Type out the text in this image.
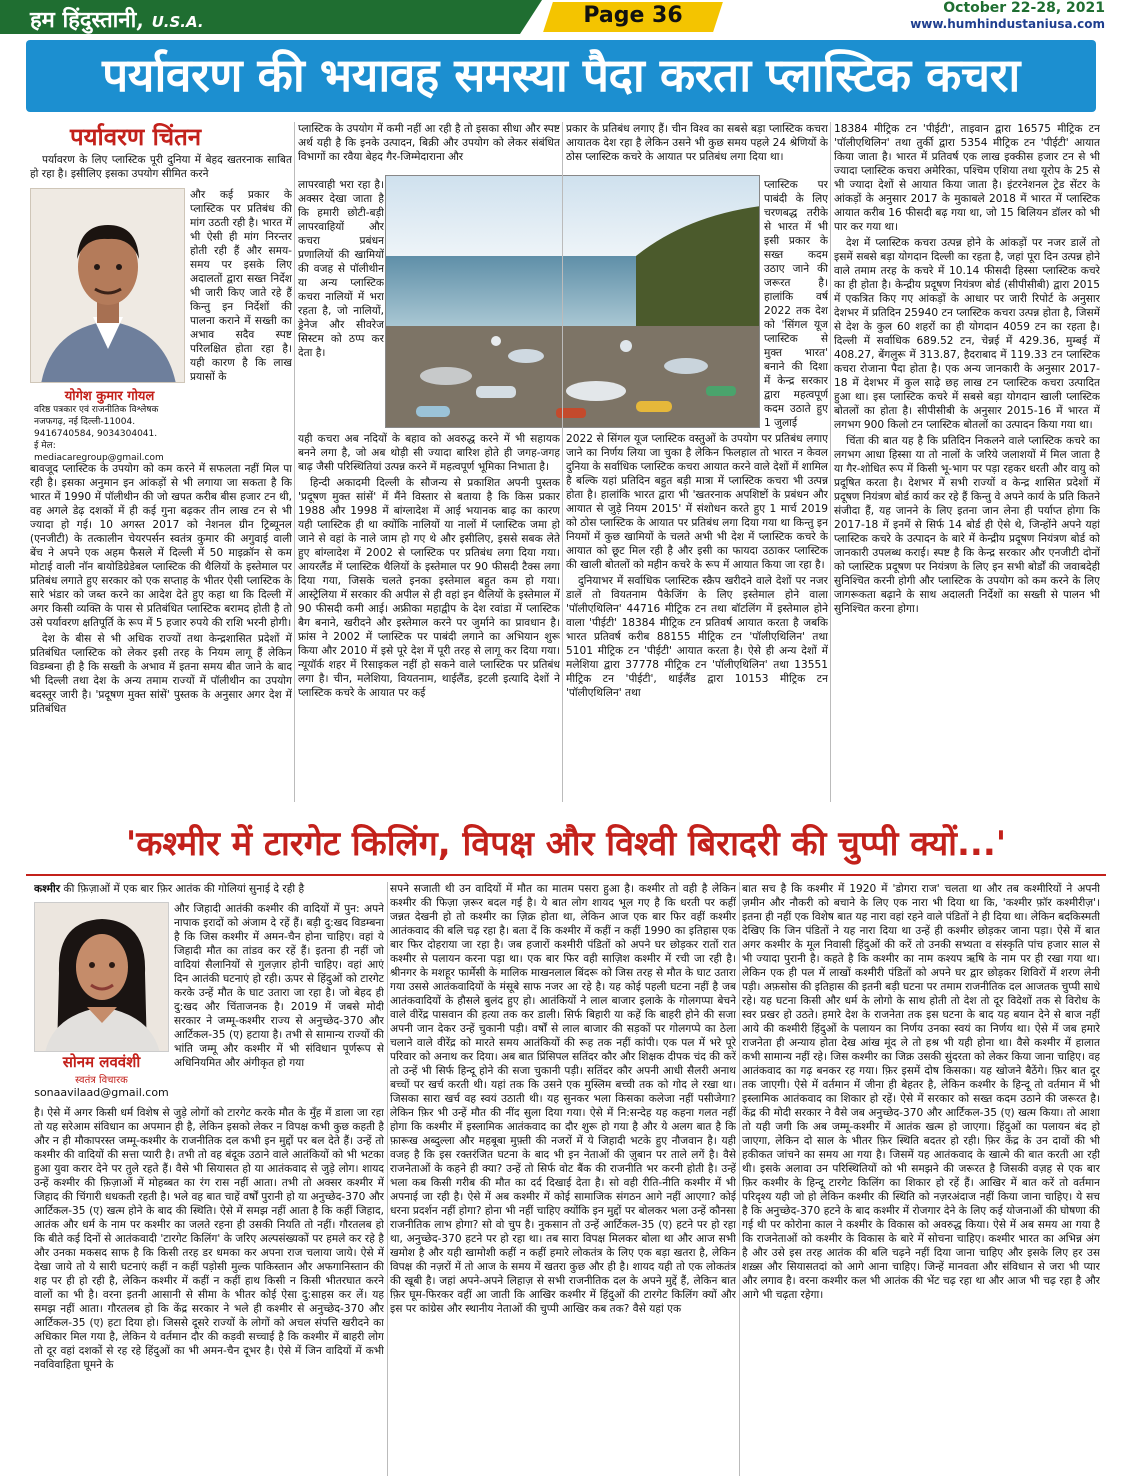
हम हिंदुस्तानी, U.S.A.	Page 36	October 22-28, 2021
www.humhindustaniusa.com
पर्यावरण की भयावह समस्या पैदा करता प्लास्टिक कचरा
पर्यावरण चिंतन

पर्यावरण के लिए प्लास्टिक पूरी दुनिया में बेहद खतरनाक साबित हो रहा है। इसीलिए इसका उपयोग सीमित करने

योगेश कुमार गोयल
वरिष्ठ पत्रकार एवं राजनीतिक विश्लेषक
नजफगढ़, नई दिल्ली-11004.
9416740584, 9034304041.
ई मेल: mediacaregroup@gmail.com

और कई प्रकार के प्लास्टिक पर प्रतिबंध की मांग उठती रही है। भारत में भी ऐसी ही मांग निरन्तर होती रही हैं और समय-समय पर इसके लिए अदालतों द्वारा सख्त निर्देश भी जारी किए जाते रहे हैं किन्तु इन निर्देशों की पालना कराने में सख्ती का अभाव सदैव स्पष्ट परिलक्षित होता रहा है। यही कारण है कि लाख प्रयासों के

बावजूद प्लास्टिक के उपयोग को कम करने में सफलता नहीं मिल पा रही है। इसका अनुमान इन आंकड़ों से भी लगाया जा सकता है कि भारत में 1990 में पॉलीथीन की जो खपत करीब बीस हजार टन थी, वह अगले डेढ़ दशकों में ही कई गुना बढ़कर तीन लाख टन से भी ज्यादा हो गई। 10 अगस्त 2017 को नेशनल ग्रीन ट्रिब्यूनल (एनजीटी) के तत्कालीन चेयरपर्सन स्वतंत्र कुमार की अगुवाई वाली बेंच ने अपने एक अहम फैसले में दिल्ली में 50 माइक्रॉन से कम मोटाई वाली नॉन बायोडिग्रेडेबल प्लास्टिक की थैलियों के इस्तेमाल पर प्रतिबंध लगाते हुए सरकार को एक सप्ताह के भीतर ऐसी प्लास्टिक के सारे भंडार को जब्त करने का आदेश देते हुए कहा था कि दिल्ली में अगर किसी व्यक्ति के पास से प्रतिबंधित प्लास्टिक बरामद होती है तो उसे पर्यावरण क्षतिपूर्ति के रूप में 5 हजार रुपये की राशि भरनी होगी।

देश के बीस से भी अधिक राज्यों तथा केन्द्रशासित प्रदेशों में प्रतिबंधित प्लास्टिक को लेकर इसी तरह के नियम लागू हैं लेकिन विडम्बना ही है कि सख्ती के अभाव में इतना समय बीत जाने के बाद भी दिल्ली तथा देश के अन्य तमाम राज्यों में पॉलीथीन का उपयोग बदस्तूर जारी है। 'प्रदूषण मुक्त सांसें' पुस्तक के अनुसार अगर देश में प्रतिबंधित

प्लास्टिक के उपयोग में कमी नहीं आ रही है तो इसका सीधा और स्पष्ट अर्थ यही है कि इनके उत्पादन, बिक्री और उपयोग को लेकर संबंधित विभागों का रवैया बेहद गैर-जिम्मेदाराना और

लापरवाही भरा रहा है। अक्सर देखा जाता है कि हमारी छोटी-बड़ी लापरवाहियों और कचरा प्रबंधन प्रणालियों की खामियों की वजह से पॉलीथीन या अन्य प्लास्टिक कचरा नालियों में भरा रहता है, जो नालियों, ड्रेनेज और सीवरेज सिस्टम को ठप्प कर देता है।

यही कचरा अब नदियों के बहाव को अवरुद्ध करने में भी सहायक बनने लगा है, जो अब थोड़ी सी ज्यादा बारिश होते ही जगह-जगह बाढ़ जैसी परिस्थितियां उत्पन्न करने में महत्वपूर्ण भूमिका निभाता है।

हिन्दी अकादमी दिल्ली के सौजन्य से प्रकाशित अपनी पुस्तक 'प्रदूषण मुक्त सांसें' में मैंने विस्तार से बताया है कि किस प्रकार 1988 और 1998 में बांग्लादेश में आई भयानक बाढ़ का कारण यही प्लास्टिक ही था क्योंकि नालियों या नालों में प्लास्टिक जमा हो जाने से वहां के नाले जाम हो गए थे और इसीलिए, इससे सबक लेते हुए बांग्लादेश में 2002 से प्लास्टिक पर प्रतिबंध लगा दिया गया। आयरलैंड में प्लास्टिक थैलियों के इस्तेमाल पर 90 फीसदी टैक्स लगा दिया गया, जिसके चलते इनका इस्तेमाल बहुत कम हो गया। आस्ट्रेलिया में सरकार की अपील से ही वहां इन थैलियों के इस्तेमाल में 90 फीसदी कमी आई। अफ्रीका महाद्वीप के देश रवांडा में प्लास्टिक बैग बनाने, खरीदने और इस्तेमाल करने पर जुर्माने का प्रावधान है। फ्रांस ने 2002 में प्लास्टिक पर पाबंदी लगाने का अभियान शुरू किया और 2010 में इसे पूरे देश में पूरी तरह से लागू कर दिया गया। न्यूयॉर्क शहर में रिसाइकल नहीं हो सकने वाले प्लास्टिक पर प्रतिबंध लगा है। चीन, मलेशिया, वियतनाम, थाईलैंड, इटली इत्यादि देशों ने प्लास्टिक कचरे के आयात पर कई

प्रकार के प्रतिबंध लगाए हैं। चीन विश्व का सबसे बड़ा प्लास्टिक कचरा आयातक देश रहा है लेकिन उसने भी कुछ समय पहले 24 श्रेणियों के ठोस प्लास्टिक कचरे के आयात पर प्रतिबंध लगा दिया था।

प्लास्टिक पर पाबंदी के लिए चरणबद्ध तरीके से भारत में भी इसी प्रकार के सख्त कदम उठाए जाने की जरूरत है। हालांकि वर्ष 2022 तक देश को 'सिंगल यूज प्लास्टिक से मुक्त भारत' बनाने की दिशा में केन्द्र सरकार द्वारा महत्वपूर्ण कदम उठाते हुए 1 जुलाई

2022 से सिंगल यूज प्लास्टिक वस्तुओं के उपयोग पर प्रतिबंध लगाए जाने का निर्णय लिया जा चुका है लेकिन फिलहाल तो भारत न केवल दुनिया के सर्वाधिक प्लास्टिक कचरा आयात करने वाले देशों में शामिल है बल्कि यहां प्रतिदिन बहुत बड़ी मात्रा में प्लास्टिक कचरा भी उत्पन्न होता है। हालांकि भारत द्वारा भी 'खतरनाक अपशिष्टों के प्रबंधन और आयात से जुड़े नियम 2015' में संशोधन करते हुए 1 मार्च 2019 को ठोस प्लास्टिक के आयात पर प्रतिबंध लगा दिया गया था किन्तु इन नियमों में कुछ खामियों के चलते अभी भी देश में प्लास्टिक कचरे के आयात को छूट मिल रही है और इसी का फायदा उठाकर प्लास्टिक की खाली बोतलों को महीन कचरे के रूप में आयात किया जा रहा है।

दुनियाभर में सर्वाधिक प्लास्टिक स्क्रैप खरीदने वाले देशों पर नजर डालें तो वियतनाम पैकेजिंग के लिए इस्तेमाल होने वाला 'पॉलीएथिलिन' 44716 मीट्रिक टन तथा बॉटलिंग में इस्तेमाल होने वाला 'पीईटी' 18384 मीट्रिक टन प्रतिवर्ष आयात करता है जबकि भारत प्रतिवर्ष करीब 88155 मीट्रिक टन 'पॉलीएथिलिन' तथा 5101 मीट्रिक टन 'पीईटी' आयात करता है। ऐसे ही अन्य देशों में मलेशिया द्वारा 37778 मीट्रिक टन 'पॉलीएथिलिन' तथा 13551 मीट्रिक टन 'पीईटी', थाईलैंड द्वारा 10153 मीट्रिक टन 'पॉलीएथिलिन' तथा

18384 मीट्रिक टन 'पीईटी', ताइवान द्वारा 16575 मीट्रिक टन 'पॉलीएथिलिन' तथा तुर्की द्वारा 5354 मीट्रिक टन 'पीईटी' आयात किया जाता है। भारत में प्रतिवर्ष एक लाख इक्कीस हजार टन से भी ज्यादा प्लास्टिक कचरा अमेरिका, पश्चिम एशिया तथा यूरोप के 25 से भी ज्यादा देशों से आयात किया जाता है। इंटरनेशनल ट्रेड सेंटर के आंकड़ों के अनुसार 2017 के मुकाबले 2018 में भारत में प्लास्टिक आयात करीब 16 फीसदी बढ़ गया था, जो 15 बिलियन डॉलर को भी पार कर गया था।

देश में प्लास्टिक कचरा उत्पन्न होने के आंकड़ों पर नजर डालें तो इसमें सबसे बड़ा योगदान दिल्ली का रहता है, जहां पूरा दिन उत्पन्न होने वाले तमाम तरह के कचरे में 10.14 फीसदी हिस्सा प्लास्टिक कचरे का ही होता है। केन्द्रीय प्रदूषण नियंत्रण बोर्ड (सीपीसीबी) द्वारा 2015 में एकत्रित किए गए आंकड़ों के आधार पर जारी रिपोर्ट के अनुसार देशभर में प्रतिदिन 25940 टन प्लास्टिक कचरा उत्पन्न होता है, जिसमें से देश के कुल 60 शहरों का ही योगदान 4059 टन का रहता है। दिल्ली में सर्वाधिक 689.52 टन, चेन्नई में 429.36, मुम्बई में 408.27, बेंगलुरू में 313.87, हैदराबाद में 119.33 टन प्लास्टिक कचरा रोजाना पैदा होता है। एक अन्य जानकारी के अनुसार 2017-18 में देशभर में कुल साढ़े छह लाख टन प्लास्टिक कचरा उत्पादित हुआ था। इस प्लास्टिक कचरे में सबसे बड़ा योगदान खाली प्लास्टिक बोतलों का होता है। सीपीसीबी के अनुसार 2015-16 में भारत में लगभग 900 किलो टन प्लास्टिक बोतलों का उत्पादन किया गया था।

चिंता की बात यह है कि प्रतिदिन निकलने वाले प्लास्टिक कचरे का लगभग आधा हिस्सा या तो नालों के जरिये जलाशयों में मिल जाता है या गैर-शोधित रूप में किसी भू-भाग पर पड़ा रहकर धरती और वायु को प्रदूषित करता है। देशभर में सभी राज्यों व केन्द्र शासित प्रदेशों में प्रदूषण नियंत्रण बोर्ड कार्य कर रहे हैं किन्तु वे अपने कार्य के प्रति कितने संजीदा हैं, यह जानने के लिए इतना जान लेना ही पर्याप्त होगा कि 2017-18 में इनमें से सिर्फ 14 बोर्ड ही ऐसे थे, जिन्होंने अपने यहां प्लास्टिक कचरे के उत्पादन के बारे में केन्द्रीय प्रदूषण नियंत्रण बोर्ड को जानकारी उपलब्ध कराई। स्पष्ट है कि केन्द्र सरकार और एनजीटी दोनों को प्लास्टिक प्रदूषण पर नियंत्रण के लिए इन सभी बोर्डों की जवाबदेही सुनिश्चित करनी होगी और प्लास्टिक के उपयोग को कम करने के लिए जागरूकता बढ़ाने के साथ अदालती निर्देशों का सख्ती से पालन भी सुनिश्चित करना होगा।

'कश्मीर में टारगेट किलिंग, विपक्ष और विश्वी बिरादरी की चुप्पी क्यों...'

कश्मीर की फ़िज़ाओं में एक बार फ़िर आतंक की गोलियां सुनाई दे रही है

सोनम लववंशी
स्वतंत्र विचारक
sonaavilaad@gmail.com

और जिहादी आतंकी कश्मीर की वादियों में पुन: अपने नापाक इरादों को अंजाम दे रहें हैं। बड़ी दु:खद विडम्बना है कि जिस कश्मीर में अमन-चैन होना चाहिए। वहां ये जिहादी मौत का तांडव कर रहें हैं। इतना ही नहीं जो वादियां सैलानियों से गुलज़ार होनी चाहिए। वहां आएं दिन आतंकी घटनाएं हो रही। ऊपर से हिंदुओं को टारगेट करके उन्हें मौत के घाट उतारा जा रहा है। जो बेहद ही दु:खद और चिंताजनक है। 2019 में जबसे मोदी सरकार ने जम्मू-कश्मीर राज्य से अनुच्छेद-370 और आर्टिकल-35 (ए) हटाया है। तभी से सामान्य राज्यों की भांति जम्मू और कश्मीर में भी संविधान पूर्णरूप से अधिनियमित और अंगीकृत हो गया

है। ऐसे में अगर किसी धर्म विशेष से जुड़े लोगों को टारगेट करके मौत के मुँह में डाला जा रहा तो यह सरेआम संविधान का अपमान ही है, लेकिन इसको लेकर न विपक्ष कभी कुछ कहती है और न ही मौकापरस्त जम्मू-कश्मीर के राजनीतिक दल कभी इन मुद्दों पर बल देते हैं। उन्हें तो कश्मीर की वादियों की सत्ता प्यारी है। तभी तो वह बंदूक उठाने वाले आतंकियों को भी भटका हुआ युवा करार देने पर तुले रहते हैं। वैसे भी सियासत हो या आतंकवाद से जुड़े लोग। शायद उन्हें कश्मीर की फ़िज़ाओं में मोहब्बत का रंग रास नहीं आता। तभी तो अक्सर कश्मीर में जिहाद की चिंगारी धधकती रहती है। भले वह बात चाहें वर्षों पुरानी हो या अनुच्छेद-370 और आर्टिकल-35 (ए) खत्म होने के बाद की स्थिति। ऐसे में समझ नहीं आता है कि कहीं जिहाद, आतंक और धर्म के नाम पर कश्मीर का जलते रहना ही उसकी नियति तो नहीं। गौरतलब हो कि बीते कई दिनों से आतंकवादी 'टारगेट किलिंग' के जरिए अल्पसंख्यकों पर हमले कर रहे है और उनका मकसद साफ है कि किसी तरह डर धमका कर अपना राज चलाया जाये। ऐसे में देखा जाये तो ये सारी घटनाएं कहीं न कहीं पड़ोसी मुल्क पाकिस्तान और अफगानिस्तान की शह पर ही हो रही है, लेकिन कश्मीर में कहीं न कहीं हाथ किसी न किसी भीतरघात करने वालों का भी है। वरना इतनी आसानी से सीमा के भीतर कोई ऐसा दु:साहस कर लें। यह समझ नहीं आता। गौरतलब हो कि केंद्र सरकार ने भले ही कश्मीर से अनुच्छेद-370 और आर्टिकल-35 (ए) हटा दिया हो। जिससे दूसरे राज्यों के लोगों को अचल संपत्ति खरीदने का अधिकार मिल गया है, लेकिन ये वर्तमान दौर की कड़वी सच्चाई है कि कश्मीर में बाहरी लोग तो दूर वहां दशकों से रह रहे हिंदुओं का भी अमन-चैन दूभर है। ऐसे में जिन वादियों में कभी नवविवाहिता घूमने के

सपने सजाती थी उन वादियों में मौत का मातम पसरा हुआ है। कश्मीर तो वही है लेकिन कश्मीर की फिज़ा ज़रूर बदल गई है। ये बात लोग शायद भूल गए है कि धरती पर कहीं जन्नत देखनी हो तो कश्मीर का ज़िक्र होता था, लेकिन आज एक बार फिर वहीं कश्मीर आतंकवाद की बलि चढ़ रहा है। बता दें कि कश्मीर में कहीं न कहीं 1990 का इतिहास एक बार फिर दोहराया जा रहा है। जब हजारों कश्मीरी पंडितों को अपने घर छोड़कर रातों रात कश्मीर से पलायन करना पड़ा था। एक बार फिर वही साज़िश कश्मीर में रची जा रही है। श्रीनगर के मशहूर फार्मेसी के मालिक माखनलाल बिंदरू को जिस तरह से मौत के घाट उतारा गया उससे आतंकवादियों के मंसूबे साफ नजर आ रहे है। यह कोई पहली घटना नहीं है जब आतंकवादियों के हौसले बुलंद हुए हो। आतंकियों ने लाल बाजार इलाके के गोलगप्पा बेचने वाले वीरेंद्र पासवान की हत्या तक कर डाली। सिर्फ बिहारी या कहें कि बाहरी होने की सजा अपनी जान देकर उन्हें चुकानी पड़ी। वर्षों से लाल बाजार की सड़कों पर गोलगप्पे का ठेला चलाने वाले वीरेंद्र को मारते समय आतंकियों की रूह तक नहीं कांपी। एक पल में भरे पूरे परिवार को अनाथ कर दिया। अब बात प्रिंसिपल सतिंदर कौर और शिक्षक दीपक चंद की करें तो उन्हें भी सिर्फ हिन्दू होने की सजा चुकानी पड़ी। सतिंदर कौर अपनी आधी सैलरी अनाथ बच्चों पर खर्च करती थी। यहां तक कि उसने एक मुस्लिम बच्ची तक को गोद ले रखा था। जिसका सारा खर्च वह स्वयं उठाती थी। यह सुनकर भला किसका कलेजा नहीं पसीजेगा? लेकिन फ़िर भी उन्हें मौत की नींद सुला दिया गया। ऐसे में नि:सन्देह यह कहना गलत नहीं होगा कि कश्मीर में इस्लामिक आतंकवाद का दौर शुरू हो गया है और ये अलग बात है कि फ़ारूख अब्दुल्ला और महबूबा मुफ़्ती की नजरों में ये जिहादी भटके हुए नौजवान है। यही वजह है कि इस रक्तरंजित घटना के बाद भी इन नेताओं की ज़ुबान पर ताले लगें है। वैसे राजनेताओं के कहने ही क्या? उन्हें तो सिर्फ वोट बैंक की राजनीति भर करनी होती है। उन्हें भला कब किसी गरीब की मौत का दर्द दिखाई देता है। सो वही रीति-नीति कश्मीर में भी अपनाई जा रही है। ऐसे में अब कश्मीर में कोई सामाजिक संगठन आगे नहीं आएगा? कोई धरना प्रदर्शन नहीं होगा? होना भी नहीं चाहिए क्योंकि इन मुद्दों पर बोलकर भला उन्हें कौनसा राजनीतिक लाभ होगा? सो वो चुप है। नुकसान तो उन्हें आर्टिकल-35 (ए) हटने पर हो रहा था, अनुच्छेद-370 हटने पर हो रहा था। तब सारा विपक्ष मिलकर बोला था और आज सभी खमोश है और यही खामोशी कहीं न कहीं हमारे लोकतंत्र के लिए एक बड़ा खतरा है, लेकिन विपक्ष की नज़रों में तो आज के समय में खतरा कुछ और ही है। शायद यही तो एक लोकतंत्र की खूबी है। जहां अपने-अपने लिहाज़ से सभी राजनीतिक दल के अपने मुद्दें हैं, लेकिन बात फ़िर घूम-फिरकर वहीं आ जाती कि आखिर कश्मीर में हिंदुओं की टारगेट किलिंग क्यों और इस पर कांग्रेस और स्थानीय नेताओं की चुप्पी आखिर कब तक? वैसे यहां एक

बात सच है कि कश्मीर में 1920 में 'डोगरा राज' चलता था और तब कश्मीरियों ने अपनी ज़मीन और नौकरी को बचाने के लिए एक नारा भी दिया था कि, 'कश्मीर फ़ॉर कश्मीरीज़'। इतना ही नहीं एक विशेष बात यह नारा वहां रहने वाले पंडितों ने ही दिया था। लेकिन बदकिस्मती देखिए कि जिन पंडितों ने यह नारा दिया था उन्हें ही कश्मीर छोड़कर जाना पड़ा। ऐसे में बात अगर कश्मीर के मूल निवासी हिंदुओं की करें तो उनकी सभ्यता व संस्कृति पांच हजार साल से भी ज्यादा पुरानी है। कहते है कि कश्मीर का नाम कश्यप ऋषि के नाम पर ही रखा गया था। लेकिन एक ही पल में लाखों कश्मीरी पंडितों को अपने घर द्वार छोड़कर शिविरों में शरण लेनी पड़ी। अफ़सोस की इतिहास की इतनी बड़ी घटना पर तमाम राजनीतिक दल आजतक चुप्पी साधे रहे। यह घटना किसी और धर्म के लोगो के साथ होती तो देश तो दूर विदेशों तक से विरोध के स्वर प्रखर हो उठते। हमारे देश के राजनेता तक इस घटना के बाद यह बयान देने से बाज नहीं आये की कश्मीरी हिंदुओं के पलायन का निर्णय उनका स्वयं का निर्णय था। ऐसे में जब हमारे राजनेता ही अन्याय होता देख आंख मूंद ले तो हश्र भी यही होना था। वैसे कश्मीर में हालात कभी सामान्य नहीं रहे। जिस कश्मीर का जिक्र उसकी सुंदरता को लेकर किया जाना चाहिए। वह आतंकवाद का गढ़ बनकर रह गया। फ़िर इसमें दोष किसका। यह खोजने बैठेंगे। फ़िर बात दूर तक जाएगी। ऐसे में वर्तमान में जीना ही बेहतर है, लेकिन कश्मीर के हिन्दू तो वर्तमान में भी इस्लामिक आतंकवाद का शिकार हो रहें। ऐसे में सरकार को सख्त कदम उठाने की जरूरत है। केंद्र की मोदी सरकार ने वैसे जब अनुच्छेद-370 और आर्टिकल-35 (ए) खत्म किया। तो आशा तो यही जगी कि अब जम्मू-कश्मीर में आतंक खत्म हो जाएगा। हिंदुओं का पलायन बंद हो जाएगा, लेकिन दो साल के भीतर फ़िर स्थिति बदतर हो रही। फ़िर केंद्र के उन दावों की भी हकीकत जांचने का समय आ गया है। जिसमें यह आतंकवाद के खात्मे की बात करती आ रही थी। इसके अलावा उन परिस्थितियों को भी समझने की जरूरत है जिसकी वज़ह से एक बार फ़िर कश्मीर के हिन्दू टारगेट किलिंग का शिकार हो रहें हैं। आखिर में बात करें तो वर्तमान परिदृश्य यही जो हो लेकिन कश्मीर की स्थिति को नज़रअंदाज नहीं किया जाना चाहिए। ये सच है कि अनुच्छेद-370 हटने के बाद कश्मीर में रोजगार देने के लिए कई योजनाओं की घोषणा की गई थी पर कोरोना काल ने कश्मीर के विकास को अवरुद्ध किया। ऐसे में अब समय आ गया है कि राजनेताओं को कश्मीर के विकास के बारे में सोचना चाहिए। कश्मीर भारत का अभिन्न अंग है और उसे इस तरह आतंक की बलि चढ़ने नहीं दिया जाना चाहिए और इसके लिए हर उस शख़्स और सियासतदां को आगे आना चाहिए। जिन्हें मानवता और संविधान से जरा भी प्यार और लगाव है। वरना कश्मीर कल भी आतंक की भेंट चढ़ रहा था और आज भी चढ़ रहा है और आगे भी चढ़ता रहेगा।
